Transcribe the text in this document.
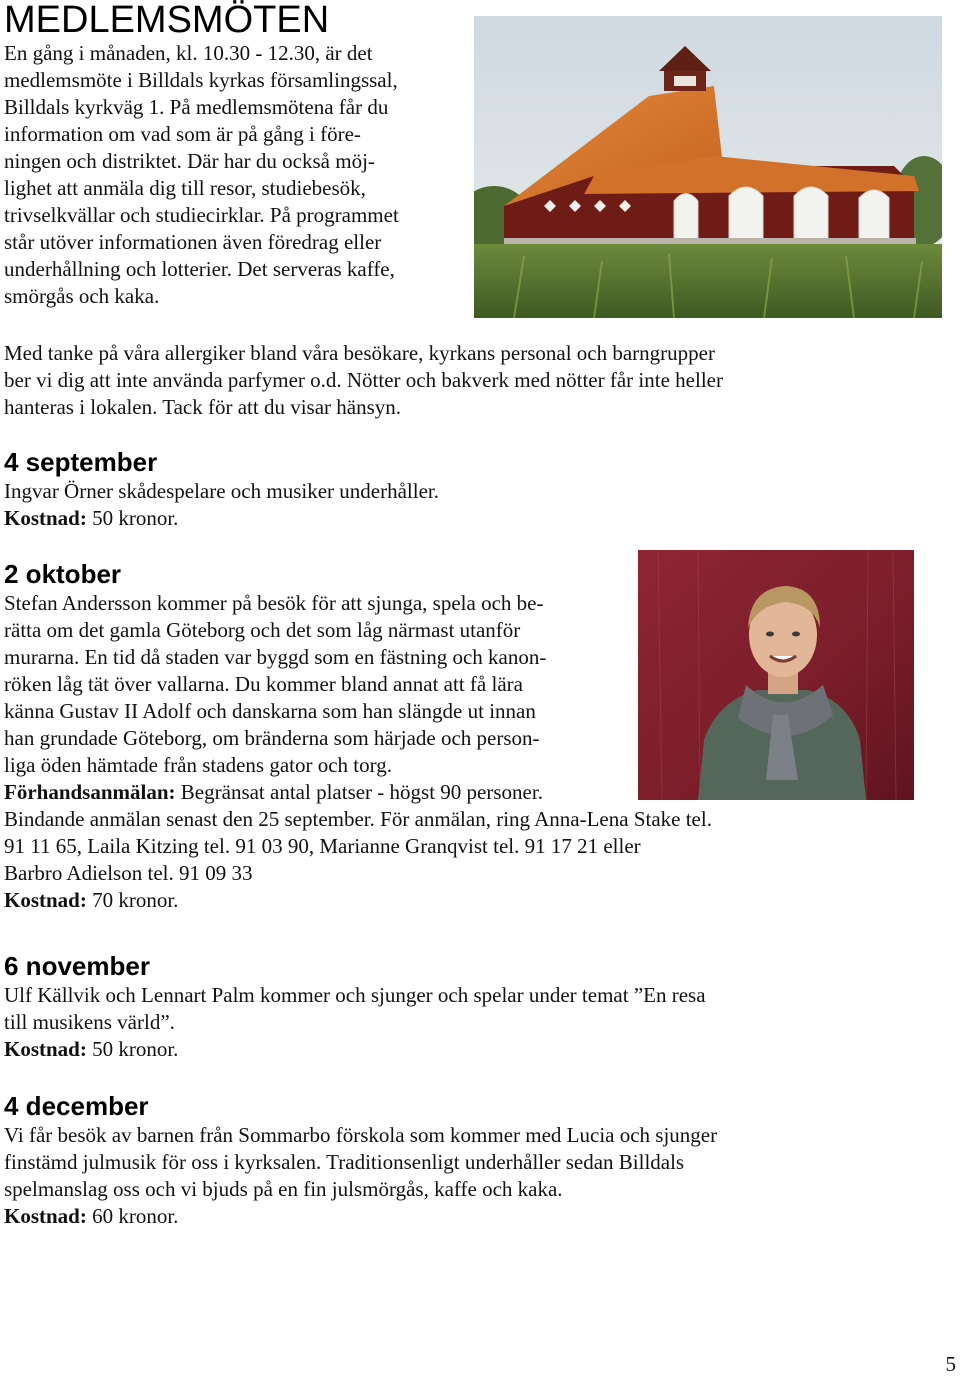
MEDLEMSMÖTEN
En gång i månaden, kl. 10.30 - 12.30, är det
medlemsmöte i Billdals kyrkas församlingssal,
Billdals kyrkväg 1. På medlemsmötena får du
information om vad som är på gång i före-
ningen och distriktet. Där har du också möj-
lighet att anmäla dig till resor, studiebesök,
trivselkvällar och studiecirklar. På programmet
står utöver informationen även föredrag eller
underhållning och lotterier. Det serveras kaffe,
smörgås och kaka.
Med tanke på våra allergiker bland våra besökare, kyrkans personal och barngrupper
ber vi dig att inte använda parfymer o.d. Nötter och bakverk med nötter får inte heller
hanteras i lokalen. Tack för att du visar hänsyn.
4 september
Ingvar Örner skådespelare och musiker underhåller.
Kostnad: 50 kronor.
2 oktober
Stefan Andersson kommer på besök för att sjunga, spela och be-
rätta om det gamla Göteborg och det som låg närmast utanför
murarna. En tid då staden var byggd som en fästning och kanon-
röken låg tät över vallarna. Du kommer bland annat att få lära
känna Gustav II Adolf och danskarna som han slängde ut innan
han grundade Göteborg, om bränderna som härjade och person-
liga öden hämtade från stadens gator och torg.
Förhandsanmälan: Begränsat antal platser - högst 90 personer.
Bindande anmälan senast den 25 september. För anmälan, ring Anna-Lena Stake tel.
91 11 65, Laila Kitzing tel. 91 03 90, Marianne Granqvist tel. 91 17 21 eller
Barbro Adielson tel. 91 09 33
Kostnad: 70 kronor.
6 november
Ulf Källvik och Lennart Palm kommer och sjunger och spelar under temat ”En resa
till musikens värld”.
Kostnad: 50 kronor.
4 december
Vi får besök av barnen från Sommarbo förskola som kommer med Lucia och sjunger
finstämd julmusik för oss i kyrksalen. Traditionsenligt underhåller sedan Billdals
spelmanslag oss och vi bjuds på en fin julsmörgås, kaffe och kaka.
Kostnad: 60 kronor.
5
